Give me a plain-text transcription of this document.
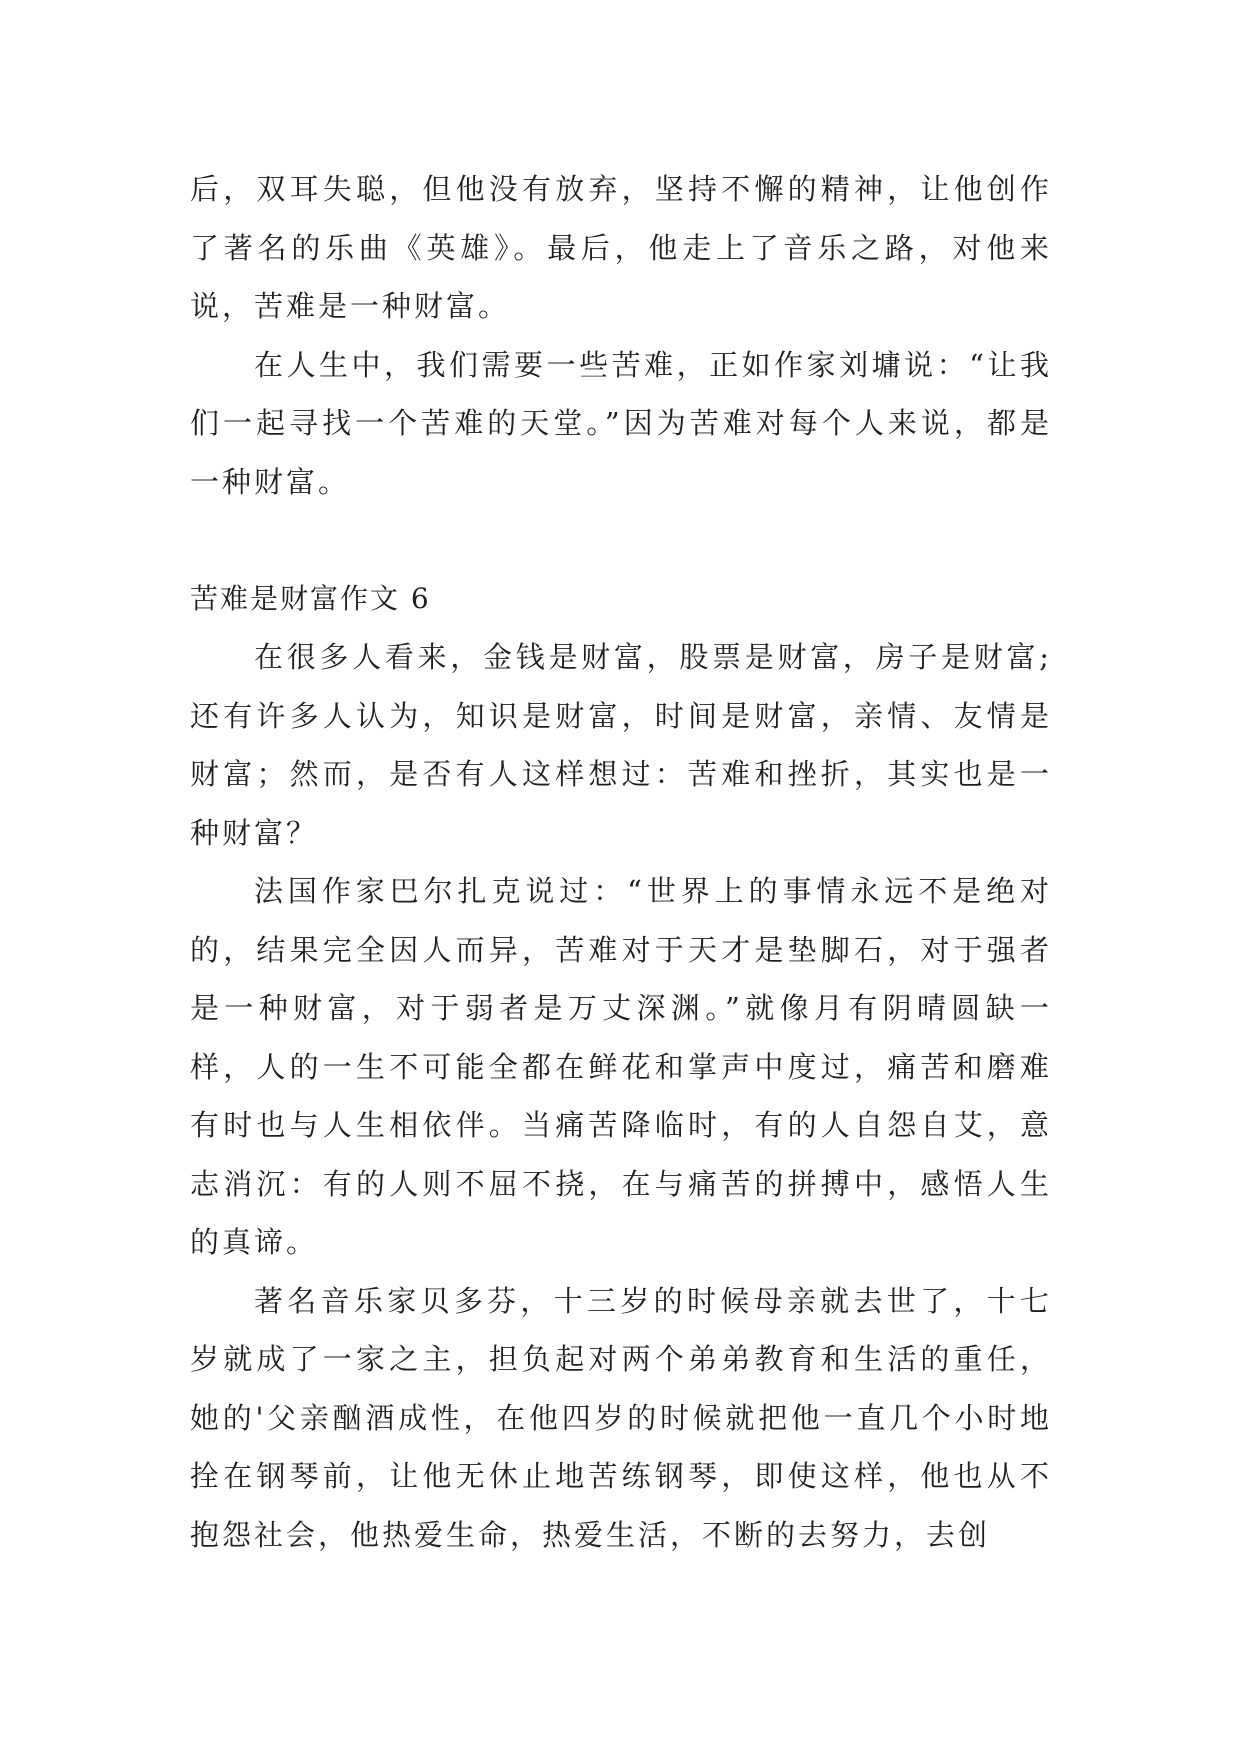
后，双耳失聪，但他没有放弃，坚持不懈的精神，让他创作了著名的乐曲《英雄》。最后，他走上了音乐之路，对他来说，苦难是一种财富。

在人生中，我们需要一些苦难，正如作家刘墉说：“让我们一起寻找一个苦难的天堂。”因为苦难对每个人来说，都是一种财富。

苦难是财富作文 6

在很多人看来，金钱是财富，股票是财富，房子是财富;还有许多人认为，知识是财富，时间是财富，亲情、友情是财富；然而，是否有人这样想过：苦难和挫折，其实也是一种财富？

法国作家巴尔扎克说过：“世界上的事情永远不是绝对的，结果完全因人而异，苦难对于天才是垫脚石，对于强者是一种财富，对于弱者是万丈深渊。”就像月有阴晴圆缺一样，人的一生不可能全都在鲜花和掌声中度过，痛苦和磨难有时也与人生相依伴。当痛苦降临时，有的人自怨自艾，意志消沉：有的人则不屈不挠，在与痛苦的拼搏中，感悟人生的真谛。

著名音乐家贝多芬，十三岁的时候母亲就去世了，十七岁就成了一家之主，担负起对两个弟弟教育和生活的重任，她的'父亲酗酒成性，在他四岁的时候就把他一直几个小时地拴在钢琴前，让他无休止地苦练钢琴，即使这样，他也从不抱怨社会，他热爱生命，热爱生活，不断的去努力，去创
